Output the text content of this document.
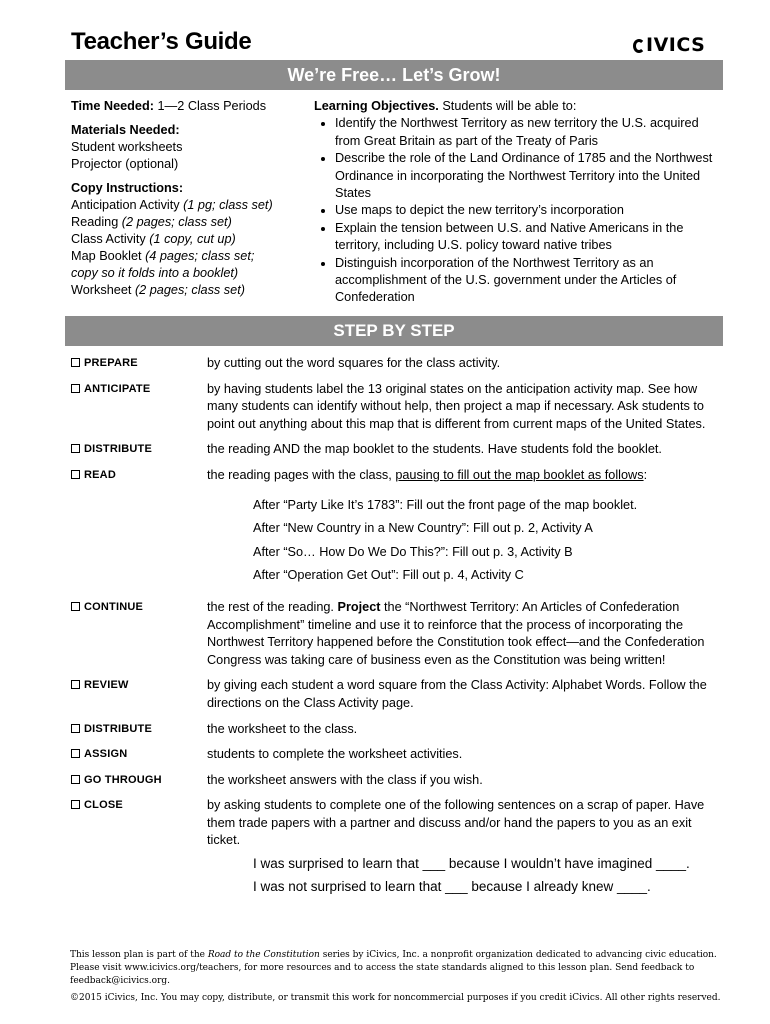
Teacher’s Guide	IVICS
We’re Free… Let’s Grow!
Time Needed: 1—2 Class Periods
Materials Needed:
Student worksheets
Projector (optional)
Copy Instructions:
Anticipation Activity (1 pg; class set)
Reading (2 pages; class set)
Class Activity (1 copy, cut up)
Map Booklet (4 pages; class set;
copy so it folds into a booklet)
Worksheet (2 pages; class set)
Learning Objectives. Students will be able to:
• Identify the Northwest Territory as new territory the U.S. acquired from Great Britain as part of the Treaty of Paris
• Describe the role of the Land Ordinance of 1785 and the Northwest Ordinance in incorporating the Northwest Territory into the United States
• Use maps to depict the new territory’s incorporation
• Explain the tension between U.S. and Native Americans in the territory, including U.S. policy toward native tribes
• Distinguish incorporation of the Northwest Territory as an accomplishment of the U.S. government under the Articles of Confederation
STEP BY STEP
PREPARE	by cutting out the word squares for the class activity.
ANTICIPATE	by having students label the 13 original states on the anticipation activity map. See how many students can identify without help, then project a map if necessary. Ask students to point out anything about this map that is different from current maps of the United States.
DISTRIBUTE	the reading AND the map booklet to the students. Have students fold the booklet.
READ	the reading pages with the class, pausing to fill out the map booklet as follows:
After “Party Like It’s 1783”: Fill out the front page of the map booklet.
After “New Country in a New Country”: Fill out p. 2, Activity A
After “So… How Do We Do This?”: Fill out p. 3, Activity B
After “Operation Get Out”: Fill out p. 4, Activity C
CONTINUE	the rest of the reading. Project the “Northwest Territory: An Articles of Confederation Accomplishment” timeline and use it to reinforce that the process of incorporating the Northwest Territory happened before the Constitution took effect—and the Confederation Congress was taking care of business even as the Constitution was being written!
REVIEW	by giving each student a word square from the Class Activity: Alphabet Words. Follow the directions on the Class Activity page.
DISTRIBUTE	the worksheet to the class.
ASSIGN	students to complete the worksheet activities.
GO THROUGH	the worksheet answers with the class if you wish.
CLOSE	by asking students to complete one of the following sentences on a scrap of paper. Have them trade papers with a partner and discuss and/or hand the papers to you as an exit ticket.
I was surprised to learn that ___ because I wouldn’t have imagined ____.
I was not surprised to learn that ___ because I already knew ____.
This lesson plan is part of the Road to the Constitution series by iCivics, Inc. a nonprofit organization dedicated to advancing civic education. Please visit www.icivics.org/teachers, for more resources and to access the state standards aligned to this lesson plan. Send feedback to feedback@icivics.org.
©2015 iCivics, Inc. You may copy, distribute, or transmit this work for noncommercial purposes if you credit iCivics. All other rights reserved.
